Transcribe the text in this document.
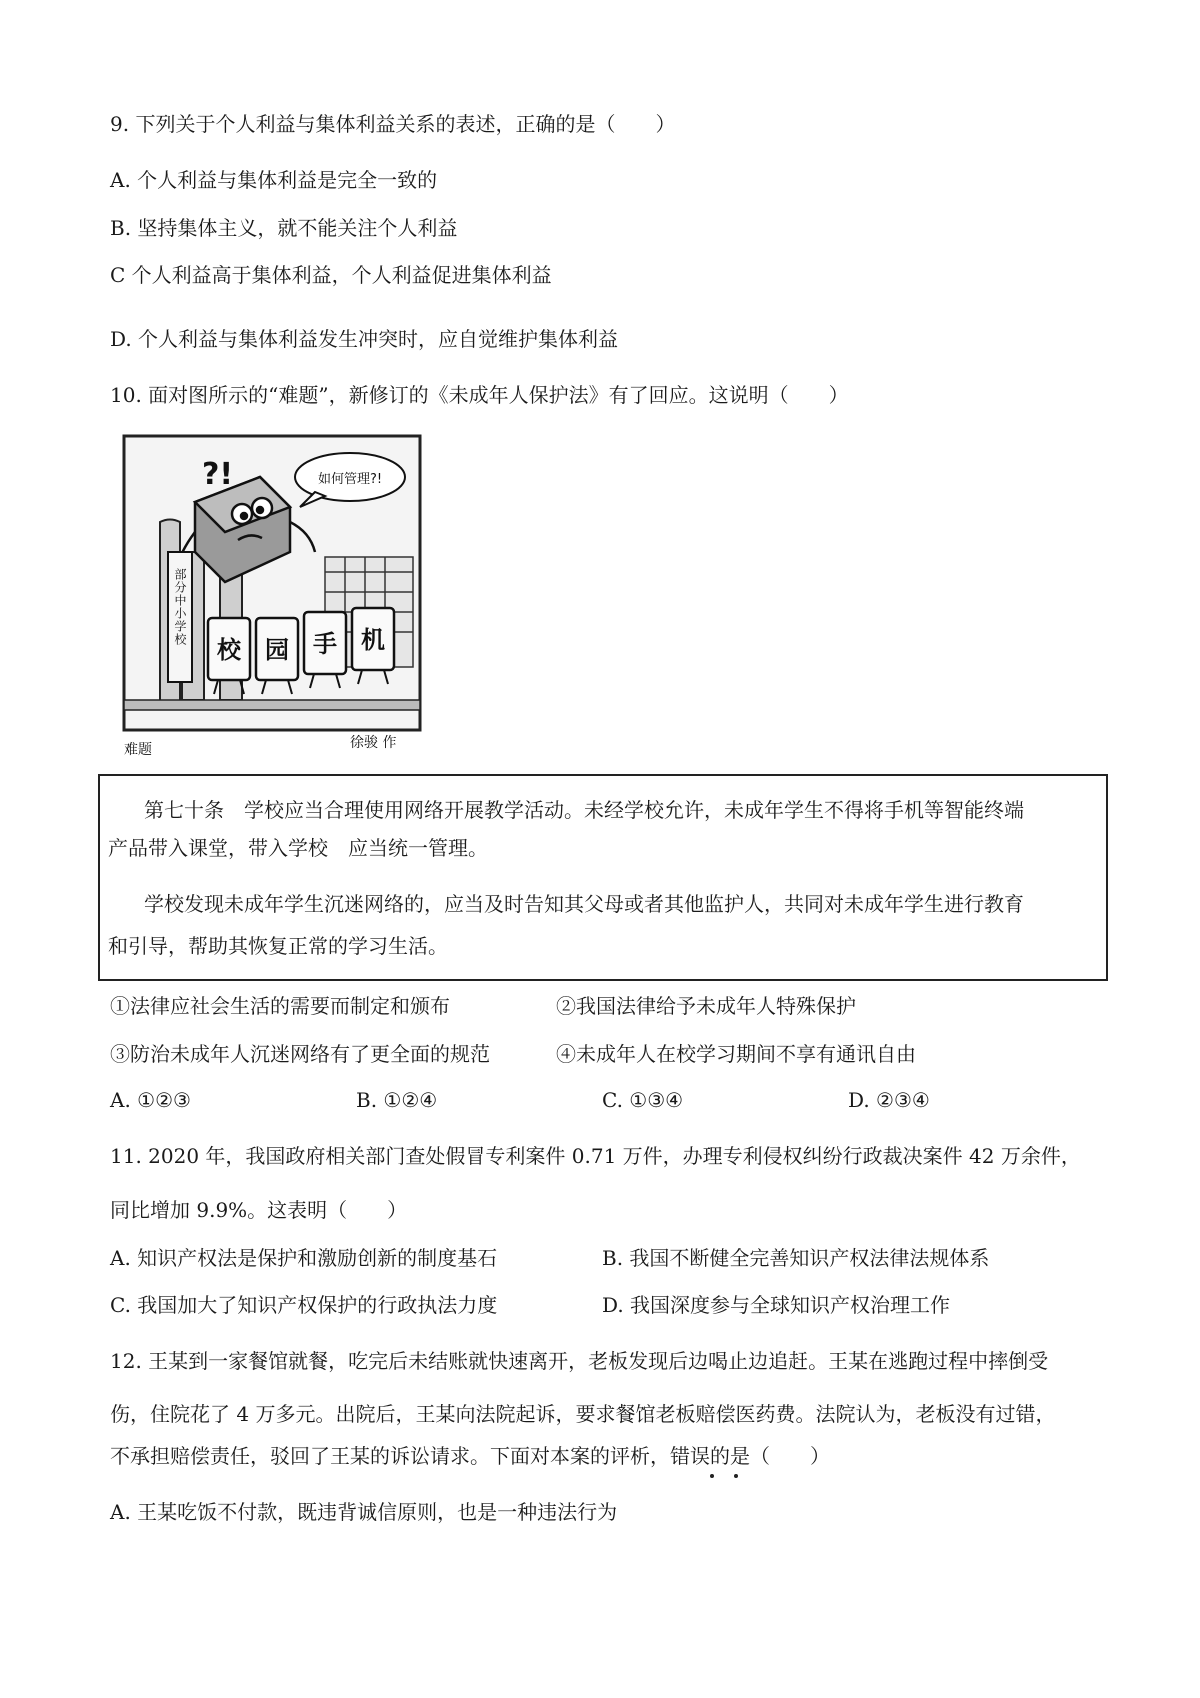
9. 下列关于个人利益与集体利益关系的表述，正确的是（　　）
A. 个人利益与集体利益是完全一致的
B. 坚持集体主义，就不能关注个人利益
C 个人利益高于集体利益，个人利益促进集体利益
D. 个人利益与集体利益发生冲突时，应自觉维护集体利益
10. 面对图所示的“难题”，新修订的《未成年人保护法》有了回应。这说明（　　）
?!	如何管理?!
部分中小学校
校 园 手 机
难题	徐骏 作
第七十条　学校应当合理使用网络开展教学活动。未经学校允许，未成年学生不得将手机等智能终端
产品带入课堂，带入学校　应当统一管理。
学校发现未成年学生沉迷网络的，应当及时告知其父母或者其他监护人，共同对未成年学生进行教育
和引导，帮助其恢复正常的学习生活。
①法律应社会生活的需要而制定和颁布	②我国法律给予未成年人特殊保护
③防治未成年人沉迷网络有了更全面的规范	④未成年人在校学习期间不享有通讯自由
A. ①②③	B. ①②④	C. ①③④	D. ②③④
11. 2020 年，我国政府相关部门查处假冒专利案件 0.71 万件，办理专利侵权纠纷行政裁决案件 42 万余件，
同比增加 9.9%。这表明（　　）
A. 知识产权法是保护和激励创新的制度基石	B. 我国不断健全完善知识产权法律法规体系
C. 我国加大了知识产权保护的行政执法力度	D. 我国深度参与全球知识产权治理工作
12. 王某到一家餐馆就餐，吃完后未结账就快速离开，老板发现后边喝止边追赶。王某在逃跑过程中摔倒受
伤，住院花了 4 万多元。出院后，王某向法院起诉，要求餐馆老板赔偿医药费。法院认为，老板没有过错，
不承担赔偿责任，驳回了王某的诉讼请求。下面对本案的评析，错误的是（　　）
A. 王某吃饭不付款，既违背诚信原则，也是一种违法行为
